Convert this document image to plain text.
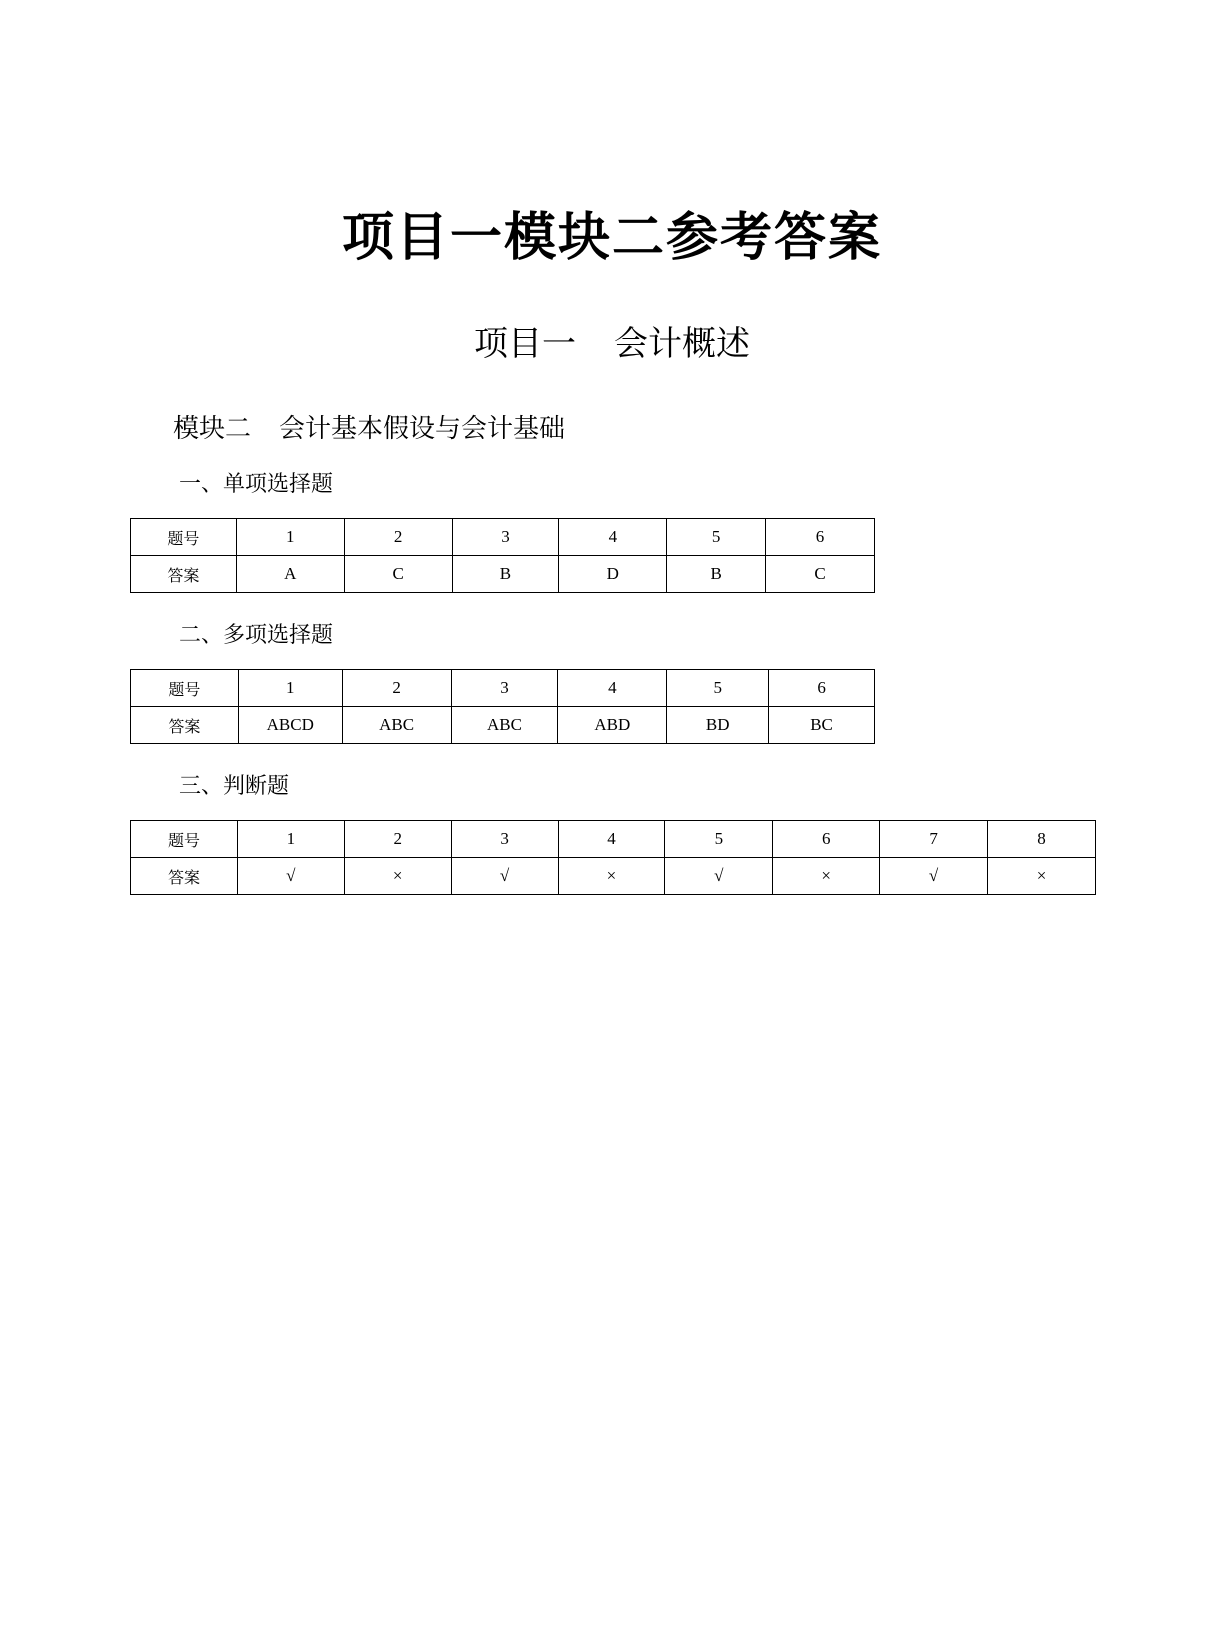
项目一模块二参考答案
项目一 会计概述
模块二 会计基本假设与会计基础
一、单项选择题
题号	1	2	3	4	5	6
答案	A	C	B	D	B	C
二、多项选择题
题号	1	2	3	4	5	6
答案	ABCD	ABC	ABC	ABD	BD	BC
三、判断题
题号	1	2	3	4	5	6	7	8
答案	√	×	√	×	√	×	√	×
